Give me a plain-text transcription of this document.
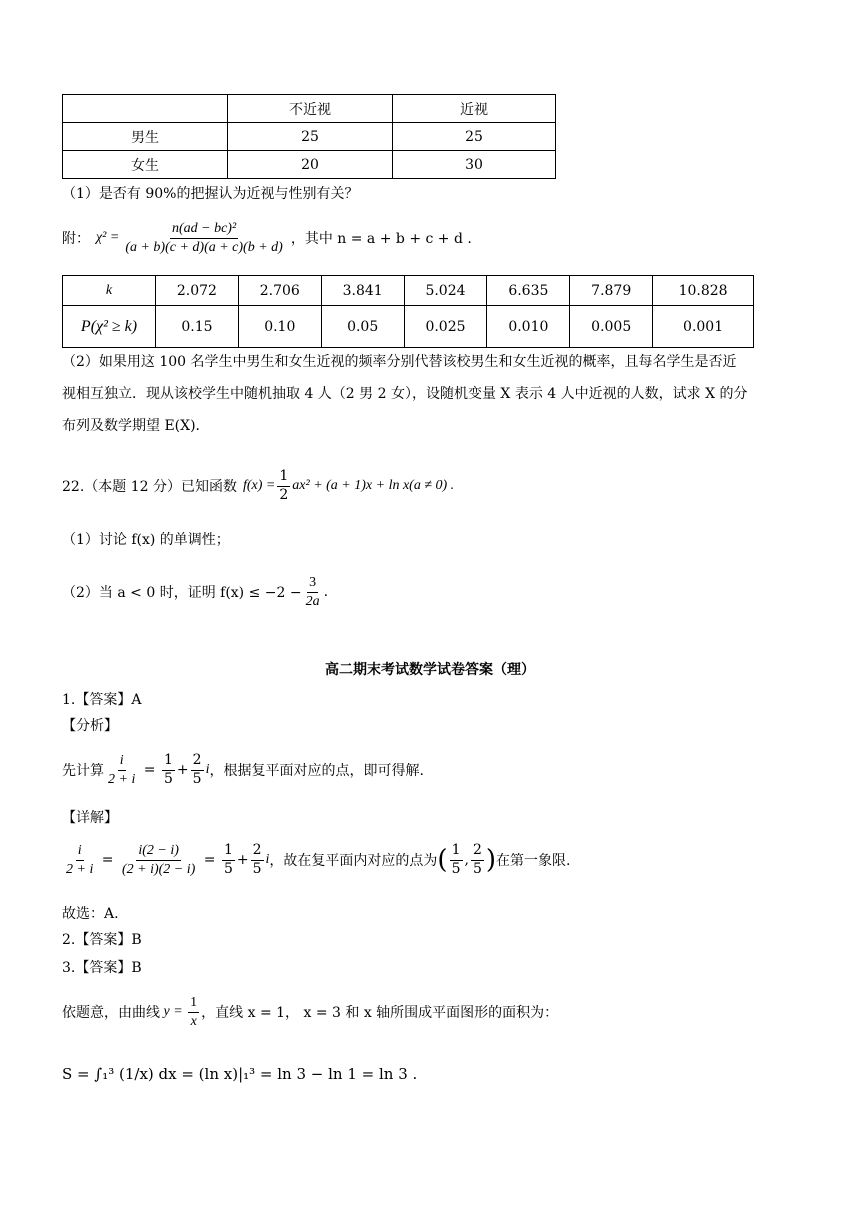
	不近视	近视
男生	25	25
女生	20	30
（1）是否有 90%的把握认为近视与性别有关？
附： $\chi^2 = \frac{\text{n(ad − bc)²}}{(a + b)(c + d)(a + c)(b + d)}$ ，其中 n = a + b + c + d .
k	2.072	2.706	3.841	5.024	6.635	7.879	10.828
P(χ² ≥ k)	0.15	0.10	0.05	0.025	0.010	0.005	0.001
（2）如果用这 100 名学生中男生和女生近视的频率分别代替该校男生和女生近视的概率，且每名学生是否近
视相互独立．现从该校学生中随机抽取 4 人（2 男 2 女），设随机变量 X 表示 4 人中近视的人数，试求 X 的分
布列及数学期望 E(X)．
22.（本题 12 分）已知函数 $f(x) = \frac{1}{2} ax^2 + (a + 1)x + \ln x(a \ne 0)$ .
（1）讨论 f(x) 的单调性；
（2）当 a < 0 时，证明 $f(x) \le -2 - \frac{3}{2a}$ .
高二期末考试数学试卷答案（理）
1.【答案】A
【分析】
先计算 $\frac{i}{2 + i} = \frac{1}{5} + \frac{2}{5}$ i ，根据复平面对应的点，即可得解.
【详解】
$\frac{i}{2 + i} = \frac{i(2 - i)}{(2 + i)(2 - i)} = \frac{1}{5} + \frac{2}{5}$ i ，故在复平面内对应的点为 ( $\frac{1}{5}$ , $\frac{2}{5}$ ) 在第一象限.
故选：A.
2.【答案】B
3.【答案】B
依题意，由曲线 $y = \frac{1}{x}$ ，直线 x = 1， x = 3 和 x 轴所围成平面图形的面积为：
S = ∫₁³ (1/x) dx = (ln x)|₁³ = ln 3 − ln 1 = ln 3 .
